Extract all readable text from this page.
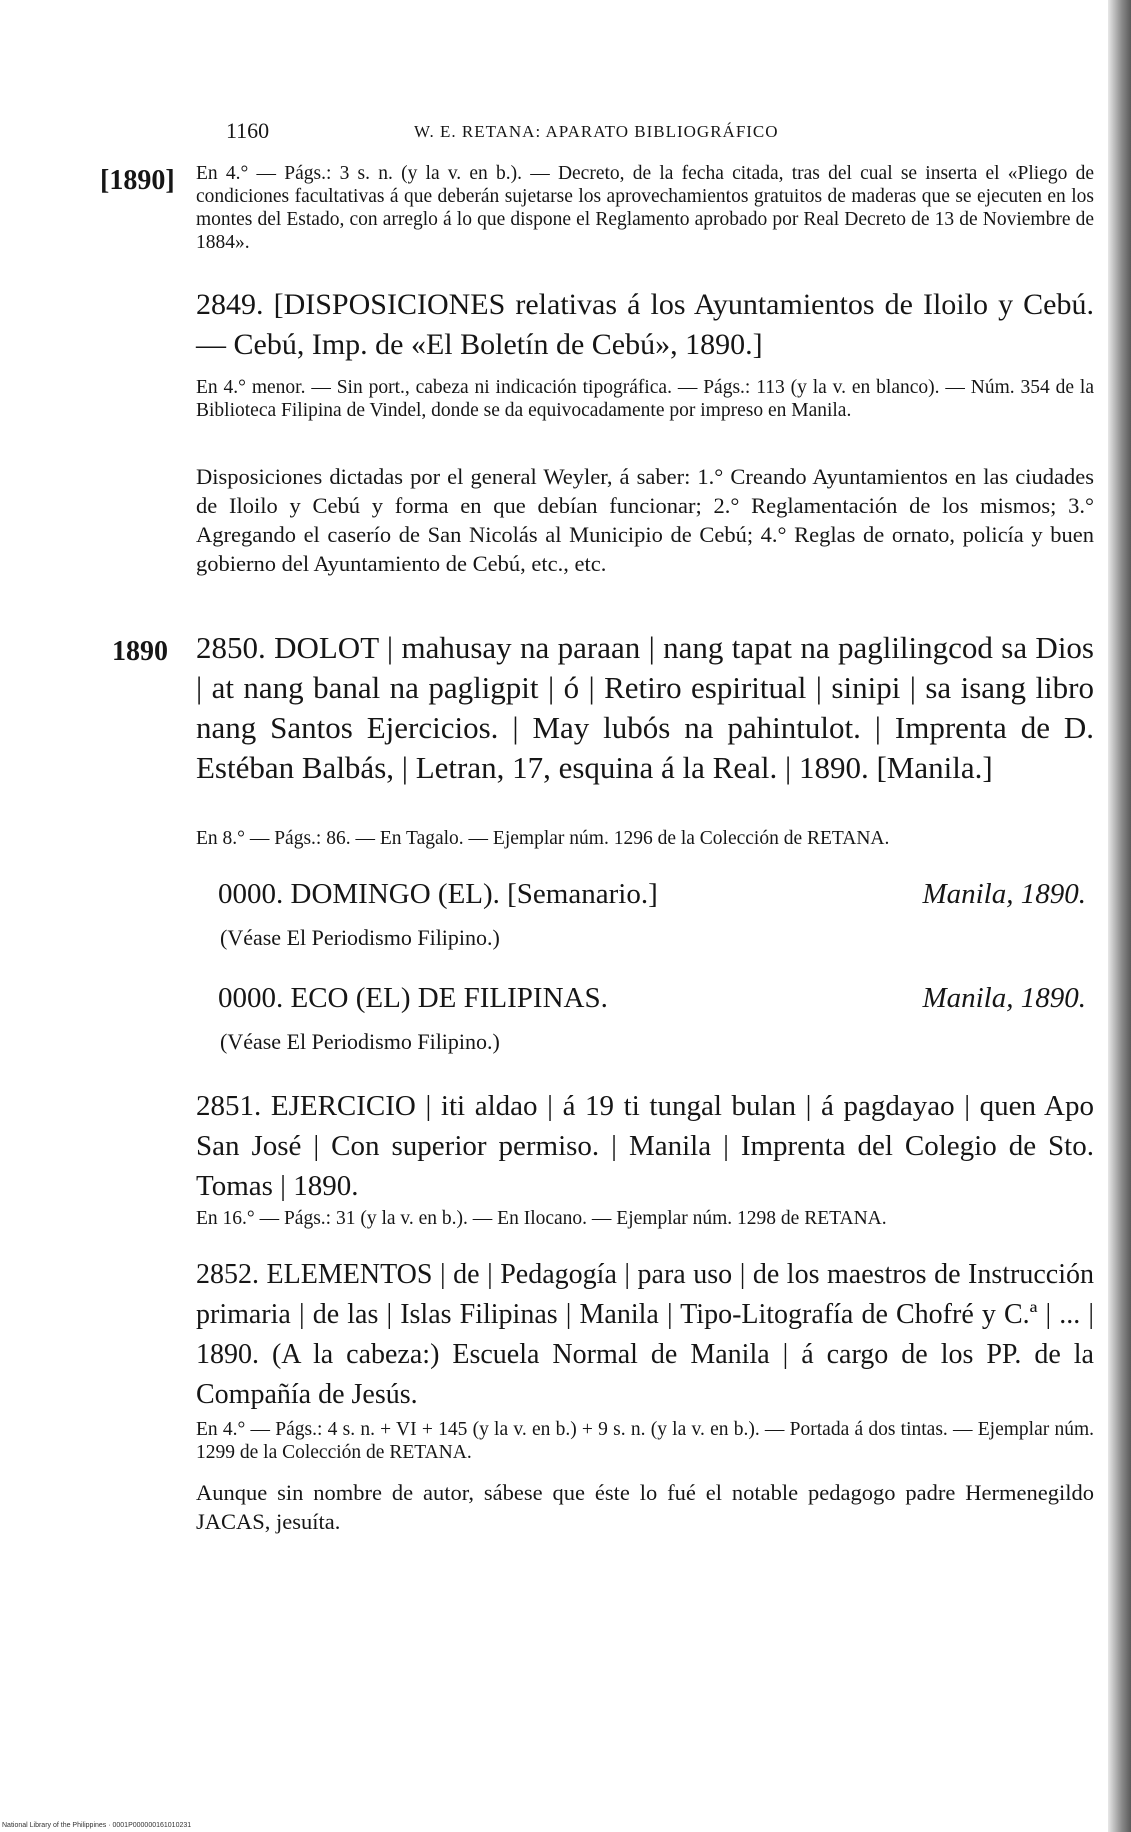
1160	W. E. RETANA: APARATO BIBLIOGRÁFICO
[1890] En 4.° — Págs.: 3 s. n. (y la v. en b.). — Decreto, de la fecha citada, tras del cual se inserta el «Pliego de condiciones facultativas á que deberán sujetarse los aprovechamientos gratuitos de maderas que se ejecuten en los montes del Estado, con arreglo á lo que dispone el Reglamento aprobado por Real Decreto de 13 de Noviembre de 1884».
2849. [DISPOSICIONES relativas á los Ayuntamientos de Iloilo y Cebú. — Cebú, Imp. de «El Boletín de Cebú», 1890.]
En 4.° menor. — Sin port., cabeza ni indicación tipográfica. — Págs.: 113 (y la v. en blanco). — Núm. 354 de la Biblioteca Filipina de Vindel, donde se da equivocadamente por impreso en Manila.
Disposiciones dictadas por el general Weyler, á saber: 1.° Creando Ayuntamientos en las ciudades de Iloilo y Cebú y forma en que debían funcionar; 2.° Reglamentación de los mismos; 3.° Agregando el caserío de San Nicolás al Municipio de Cebú; 4.° Reglas de ornato, policía y buen gobierno del Ayuntamiento de Cebú, etc., etc.
1890 2850. DOLOT | mahusay na paraan | nang tapat na paglilingcod sa Dios | at nang banal na pagligpit | ó | Retiro espiritual | sinipi | sa isang libro nang Santos Ejercicios. | May lubós na pahintulot. | Imprenta de D. Estéban Balbás, | Letran, 17, esquina á la Real. | 1890. [Manila.]
En 8.° — Págs.: 86. — En Tagalo. — Ejemplar núm. 1296 de la Colección de RETANA.
0000. DOMINGO (EL). [Semanario.]	Manila, 1890.
(Véase El Periodismo Filipino.)
0000. ECO (EL) DE FILIPINAS.	Manila, 1890.
(Véase El Periodismo Filipino.)
2851. EJERCICIO | iti aldao | á 19 ti tungal bulan | á pagdayao | quen Apo San José | Con superior permiso. | Manila | Imprenta del Colegio de Sto. Tomas | 1890.
En 16.° — Págs.: 31 (y la v. en b.). — En Ilocano. — Ejemplar núm. 1298 de RETANA.
2852. ELEMENTOS | de | Pedagogía | para uso | de los maestros de Instrucción primaria | de las | Islas Filipinas | Manila | Tipo-Litografía de Chofré y C.ª | ... | 1890. (A la cabeza:) Escuela Normal de Manila | á cargo de los PP. de la Compañía de Jesús.
En 4.° — Págs.: 4 s. n. + VI + 145 (y la v. en b.) + 9 s. n. (y la v. en b.). — Portada á dos tintas. — Ejemplar núm. 1299 de la Colección de RETANA.
Aunque sin nombre de autor, sábese que éste lo fué el notable pedagogo padre Hermenegildo JACAS, jesuíta.
National Library of the Philippines · 0001P000000161010231
